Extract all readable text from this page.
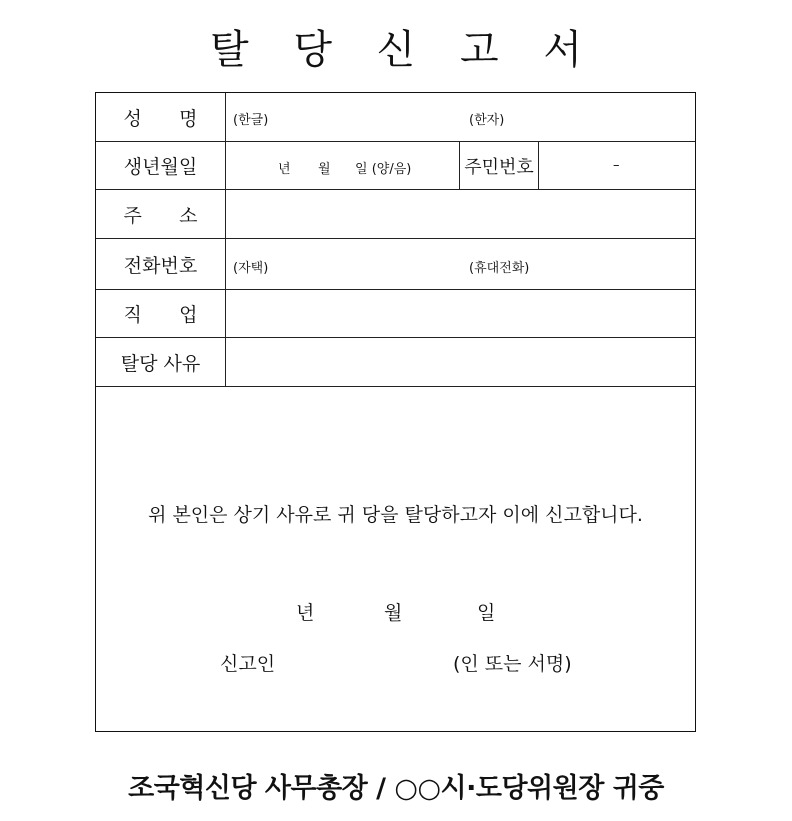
탈 당 신 고 서
성 명	(한글)	(한자)
생년월일	년 월 일 (양/음)	주민번호	–
주 소
전화번호	(자택)	(휴대전화)
직 업
탈당 사유
위 본인은 상기 사유로 귀 당을 탈당하고자 이에 신고합니다.
년	월	일
신고인	(인 또는 서명)
조국혁신당 사무총장 / ○○시·도당위원장 귀중
